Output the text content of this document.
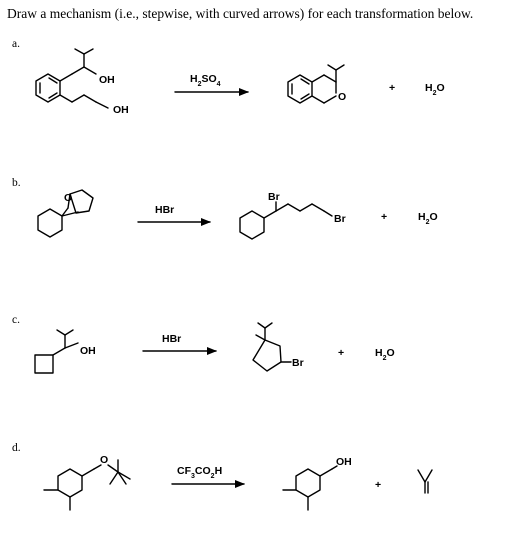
Draw a mechanism (i.e., stepwise, with curved arrows) for each transformation below.
a.
b.
c.
d.
OH
OH
$H_2SO_4$
O
+	$H_2O$
O
HBr
Br
Br	+	$H_2O$
OH
HBr
Br
+	$H_2O$
O
$CF_3CO_2H$
OH
+
